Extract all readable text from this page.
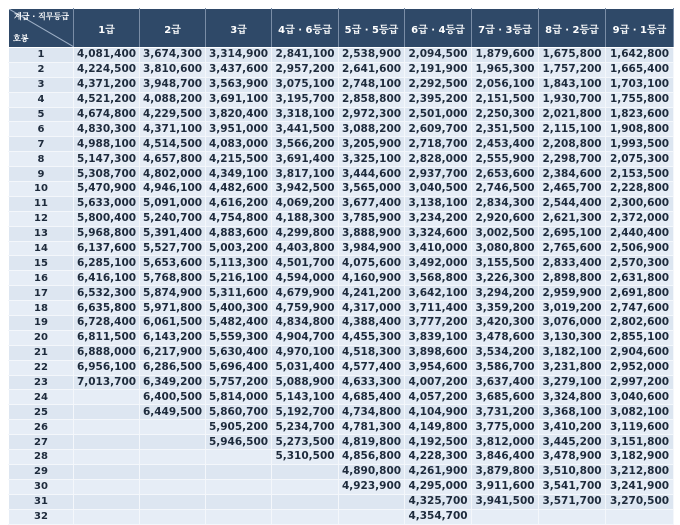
계급 · 직무등급
호봉	1급	2급	3급	4급 · 6등급	5급 · 5등급	6급 · 4등급	7급 · 3등급	8급 · 2등급	9급 · 1등급
1	4,081,400	3,674,300	3,314,900	2,841,100	2,538,900	2,094,500	1,879,600	1,675,800	1,642,800
2	4,224,500	3,810,600	3,437,600	2,957,200	2,641,600	2,191,900	1,965,300	1,757,200	1,665,400
3	4,371,200	3,948,700	3,563,900	3,075,100	2,748,100	2,292,500	2,056,100	1,843,100	1,703,100
4	4,521,200	4,088,200	3,691,100	3,195,700	2,858,800	2,395,200	2,151,500	1,930,700	1,755,800
5	4,674,800	4,229,500	3,820,400	3,318,100	2,972,300	2,501,000	2,250,300	2,021,800	1,823,600
6	4,830,300	4,371,100	3,951,000	3,441,500	3,088,200	2,609,700	2,351,500	2,115,100	1,908,800
7	4,988,100	4,514,500	4,083,000	3,566,200	3,205,900	2,718,700	2,453,400	2,208,800	1,993,500
8	5,147,300	4,657,800	4,215,500	3,691,400	3,325,100	2,828,000	2,555,900	2,298,700	2,075,300
9	5,308,700	4,802,000	4,349,100	3,817,100	3,444,600	2,937,700	2,653,600	2,384,600	2,153,500
10	5,470,900	4,946,100	4,482,600	3,942,500	3,565,000	3,040,500	2,746,500	2,465,700	2,228,800
11	5,633,000	5,091,000	4,616,200	4,069,200	3,677,400	3,138,100	2,834,300	2,544,400	2,300,600
12	5,800,400	5,240,700	4,754,800	4,188,300	3,785,900	3,234,200	2,920,600	2,621,300	2,372,000
13	5,968,800	5,391,400	4,883,600	4,299,800	3,888,900	3,324,600	3,002,500	2,695,100	2,440,400
14	6,137,600	5,527,700	5,003,200	4,403,800	3,984,900	3,410,000	3,080,800	2,765,600	2,506,900
15	6,285,100	5,653,600	5,113,300	4,501,700	4,075,600	3,492,000	3,155,500	2,833,400	2,570,300
16	6,416,100	5,768,800	5,216,100	4,594,000	4,160,900	3,568,800	3,226,300	2,898,800	2,631,800
17	6,532,300	5,874,900	5,311,600	4,679,900	4,241,200	3,642,100	3,294,200	2,959,900	2,691,800
18	6,635,800	5,971,800	5,400,300	4,759,900	4,317,000	3,711,400	3,359,200	3,019,200	2,747,600
19	6,728,400	6,061,500	5,482,400	4,834,800	4,388,400	3,777,200	3,420,300	3,076,000	2,802,600
20	6,811,500	6,143,200	5,559,300	4,904,700	4,455,300	3,839,100	3,478,600	3,130,300	2,855,100
21	6,888,000	6,217,900	5,630,400	4,970,100	4,518,300	3,898,600	3,534,200	3,182,100	2,904,600
22	6,956,100	6,286,500	5,696,400	5,031,400	4,577,400	3,954,600	3,586,700	3,231,800	2,952,000
23	7,013,700	6,349,200	5,757,200	5,088,900	4,633,300	4,007,200	3,637,400	3,279,100	2,997,200
24		6,400,500	5,814,000	5,143,100	4,685,400	4,057,200	3,685,600	3,324,800	3,040,600
25		6,449,500	5,860,700	5,192,700	4,734,800	4,104,900	3,731,200	3,368,100	3,082,100
26			5,905,200	5,234,700	4,781,300	4,149,800	3,775,000	3,410,200	3,119,600
27			5,946,500	5,273,500	4,819,800	4,192,500	3,812,000	3,445,200	3,151,800
28				5,310,500	4,856,800	4,228,300	3,846,400	3,478,900	3,182,900
29					4,890,800	4,261,900	3,879,800	3,510,800	3,212,800
30					4,923,900	4,295,000	3,911,600	3,541,700	3,241,900
31						4,325,700	3,941,500	3,571,700	3,270,500
32						4,354,700			
